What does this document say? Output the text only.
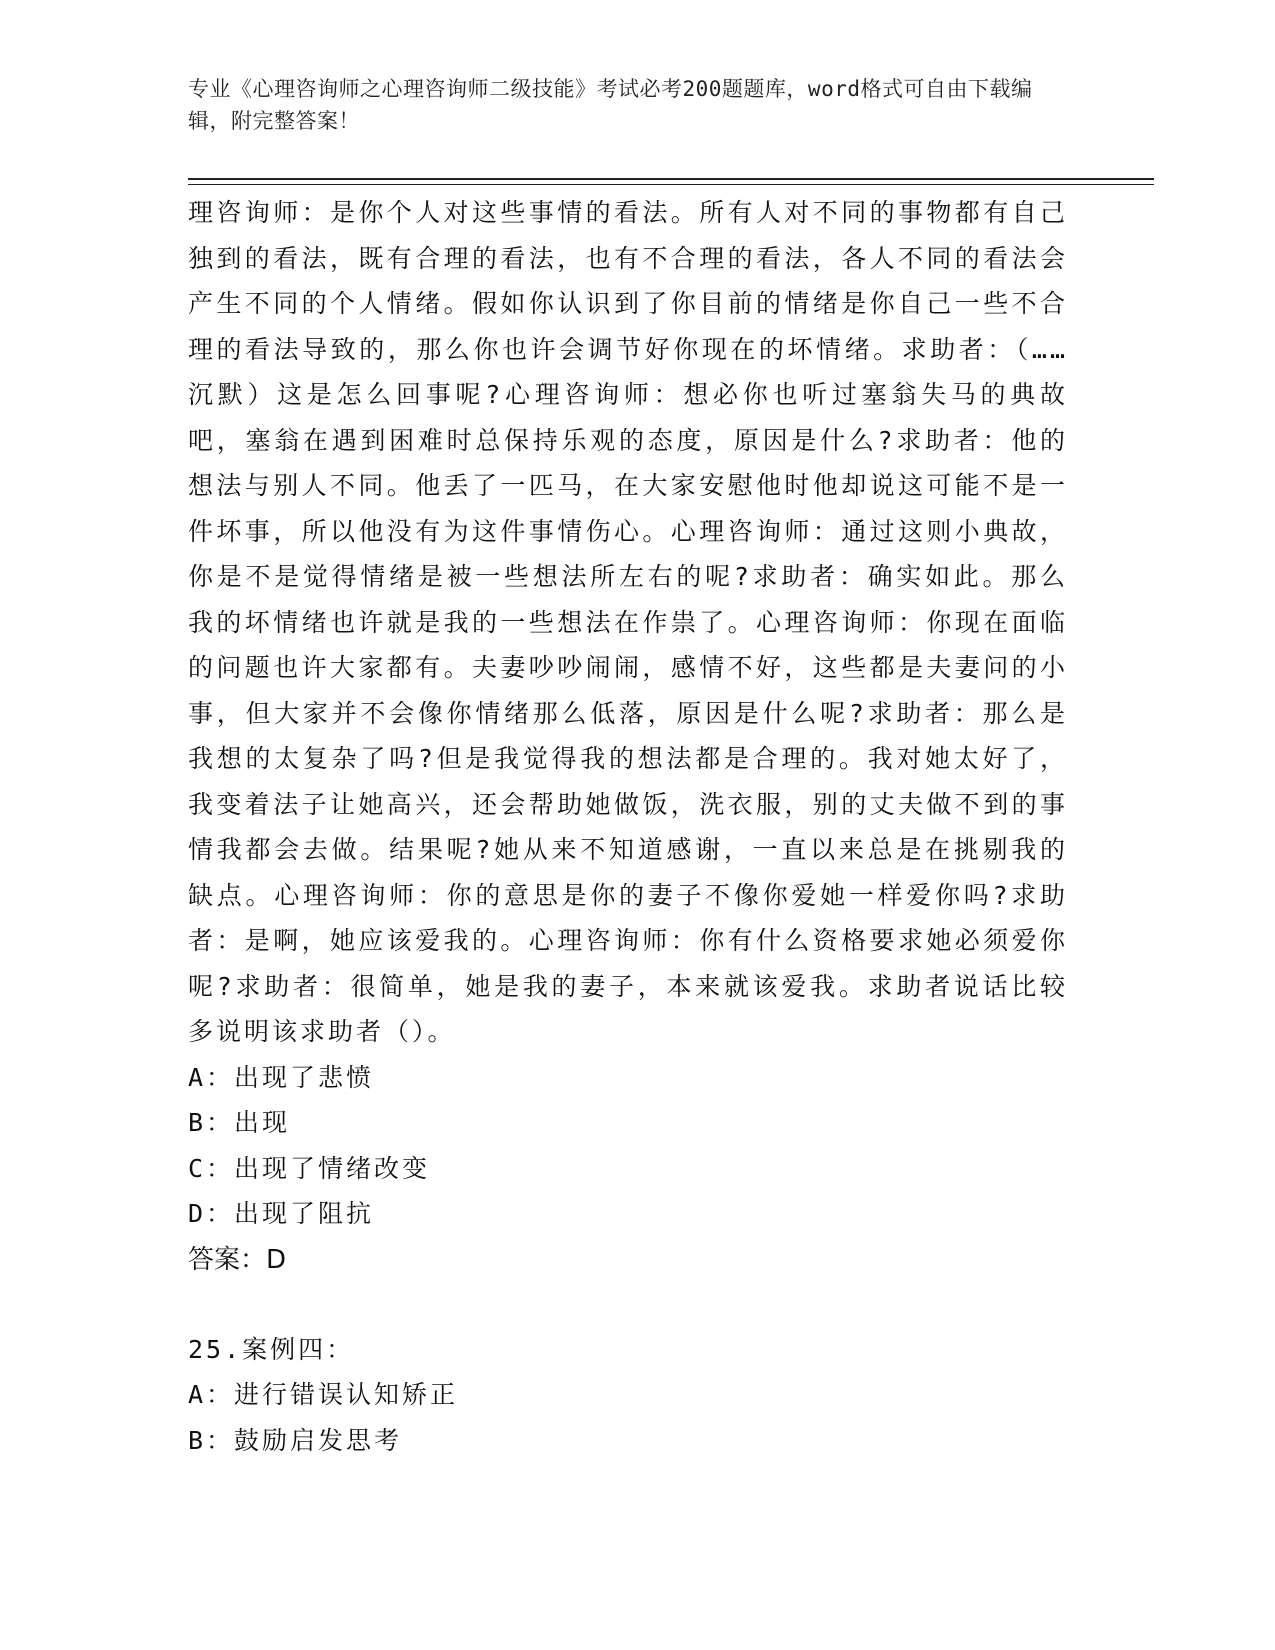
专业《心理咨询师之心理咨询师二级技能》考试必考200题题库，word格式可自由下载编辑，附完整答案！

理咨询师：是你个人对这些事情的看法。所有人对不同的事物都有自己独到的看法，既有合理的看法，也有不合理的看法，各人不同的看法会产生不同的个人情绪。假如你认识到了你目前的情绪是你自己一些不合理的看法导致的，那么你也许会调节好你现在的坏情绪。求助者：（……沉默）这是怎么回事呢?心理咨询师：想必你也听过塞翁失马的典故吧，塞翁在遇到困难时总保持乐观的态度，原因是什么?求助者：他的想法与别人不同。他丢了一匹马，在大家安慰他时他却说这可能不是一件坏事，所以他没有为这件事情伤心。心理咨询师：通过这则小典故，你是不是觉得情绪是被一些想法所左右的呢?求助者：确实如此。那么我的坏情绪也许就是我的一些想法在作祟了。心理咨询师：你现在面临的问题也许大家都有。夫妻吵吵闹闹，感情不好，这些都是夫妻问的小事，但大家并不会像你情绪那么低落，原因是什么呢?求助者：那么是我想的太复杂了吗?但是我觉得我的想法都是合理的。我对她太好了，我变着法子让她高兴，还会帮助她做饭，洗衣服，别的丈夫做不到的事情我都会去做。结果呢?她从来不知道感谢，一直以来总是在挑剔我的缺点。心理咨询师：你的意思是你的妻子不像你爱她一样爱你吗?求助者：是啊，她应该爱我的。心理咨询师：你有什么资格要求她必须爱你呢?求助者：很简单，她是我的妻子，本来就该爱我。求助者说话比较多说明该求助者（）。

A：出现了悲愤

B：出现

C：出现了情绪改变

D：出现了阻抗

答案：D

25.案例四：

A：进行错误认知矫正

B：鼓励启发思考
